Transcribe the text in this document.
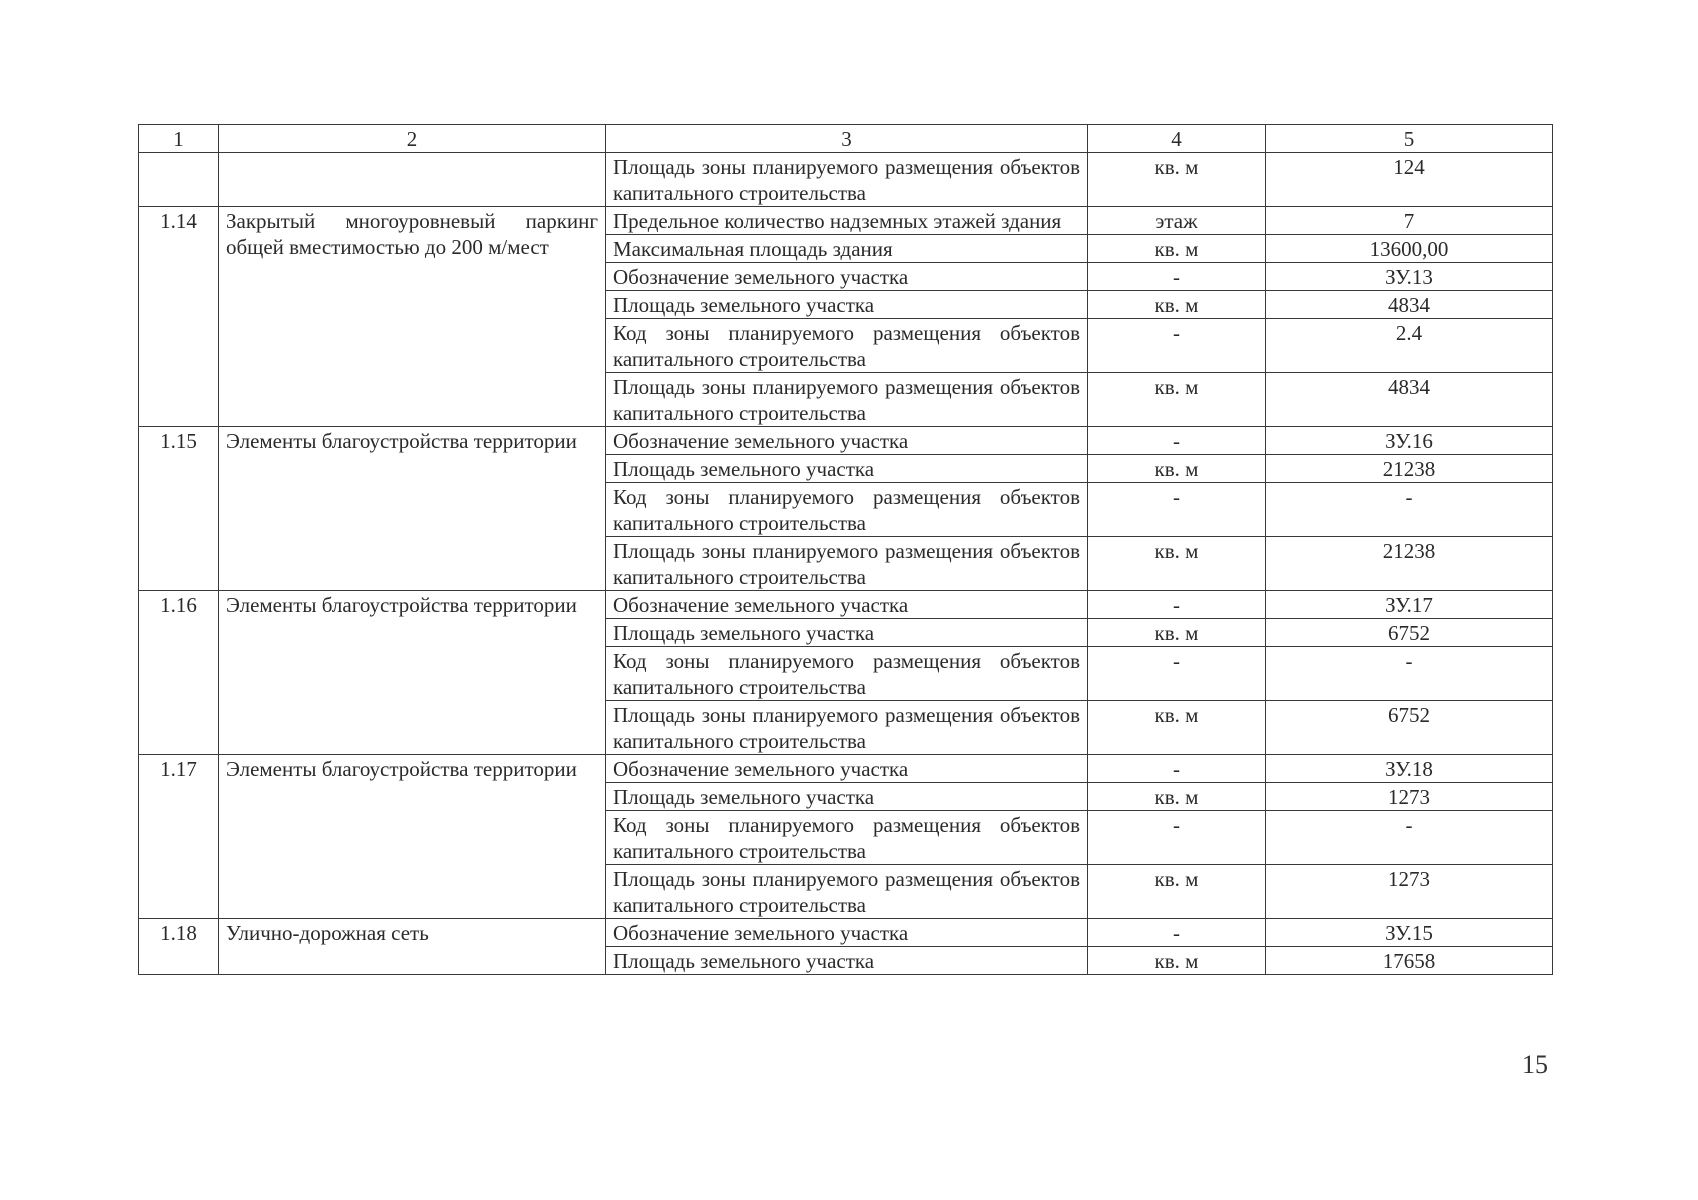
1	2	3	4	5
		Площадь зоны планируемого размещения объектов капитального строительства	кв. м	124
1.14	Закрытый многоуровневый паркинг общей вместимостью до 200 м/мест	Предельное количество надземных этажей здания	этаж	7
		Максимальная площадь здания	кв. м	13600,00
		Обозначение земельного участка	-	ЗУ.13
		Площадь земельного участка	кв. м	4834
		Код зоны планируемого размещения объектов капитального строительства	-	2.4
		Площадь зоны планируемого размещения объектов капитального строительства	кв. м	4834
1.15	Элементы благоустройства территории	Обозначение земельного участка	-	ЗУ.16
		Площадь земельного участка	кв. м	21238
		Код зоны планируемого размещения объектов капитального строительства	-	-
		Площадь зоны планируемого размещения объектов капитального строительства	кв. м	21238
1.16	Элементы благоустройства территории	Обозначение земельного участка	-	ЗУ.17
		Площадь земельного участка	кв. м	6752
		Код зоны планируемого размещения объектов капитального строительства	-	-
		Площадь зоны планируемого размещения объектов капитального строительства	кв. м	6752
1.17	Элементы благоустройства территории	Обозначение земельного участка	-	ЗУ.18
		Площадь земельного участка	кв. м	1273
		Код зоны планируемого размещения объектов капитального строительства	-	-
		Площадь зоны планируемого размещения объектов капитального строительства	кв. м	1273
1.18	Улично-дорожная сеть	Обозначение земельного участка	-	ЗУ.15
		Площадь земельного участка	кв. м	17658
15
